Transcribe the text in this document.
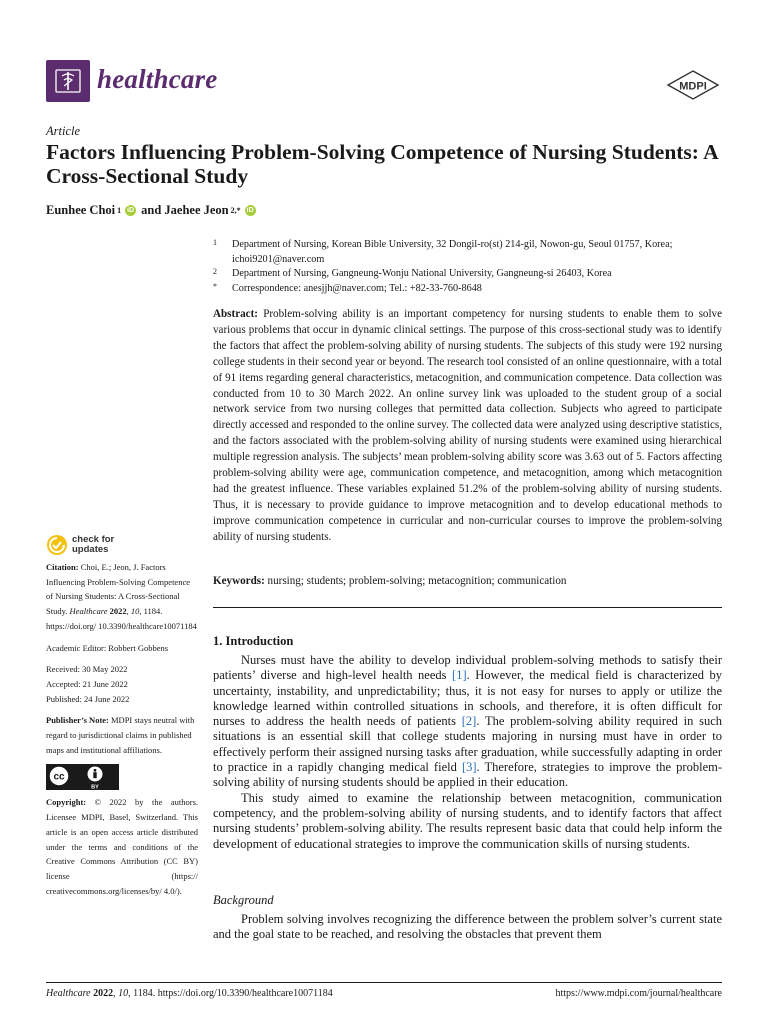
healthcare	MDPI
Article
Factors Influencing Problem-Solving Competence of Nursing Students: A Cross-Sectional Study
Eunhee Choi 1 iD and Jaehee Jeon 2,* iD
1 Department of Nursing, Korean Bible University, 32 Dongil-ro(st) 214-gil, Nowon-gu, Seoul 01757, Korea; ichoi9201@naver.com
2 Department of Nursing, Gangneung-Wonju National University, Gangneung-si 26403, Korea
* Correspondence: anesjjh@naver.com; Tel.: +82-33-760-8648
Abstract: Problem-solving ability is an important competency for nursing students to enable them to solve various problems that occur in dynamic clinical settings. The purpose of this cross-sectional study was to identify the factors that affect the problem-solving ability of nursing students. The subjects of this study were 192 nursing college students in their second year or beyond. The research tool consisted of an online questionnaire, with a total of 91 items regarding general characteristics, metacognition, and communication competence. Data collection was conducted from 10 to 30 March 2022. An online survey link was uploaded to the student group of a social network service from two nursing colleges that permitted data collection. Subjects who agreed to participate directly accessed and responded to the online survey. The collected data were analyzed using descriptive statistics, and the factors associated with the problem-solving ability of nursing students were examined using hierarchical multiple regression analysis. The subjects’ mean problem-solving ability score was 3.63 out of 5. Factors affecting problem-solving ability were age, communication competence, and metacognition, among which metacognition had the greatest influence. These variables explained 51.2% of the problem-solving ability of nursing students. Thus, it is necessary to provide guidance to improve metacognition and to develop educational methods to improve communication competence in curricular and non-curricular courses to improve the problem-solving ability of nursing students.
Keywords: nursing; students; problem-solving; metacognition; communication
1. Introduction

Nurses must have the ability to develop individual problem-solving methods to satisfy their patients’ diverse and high-level health needs [1]. However, the medical field is characterized by uncertainty, instability, and unpredictability; thus, it is not easy for nurses to apply or utilize the knowledge learned within controlled situations in schools, and therefore, it is often difficult for nurses to address the health needs of patients [2]. The problem-solving ability required in such situations is an essential skill that college students majoring in nursing must have in order to effectively perform their assigned nursing tasks after graduation, while successfully adapting in order to practice in a rapidly changing medical field [3]. Therefore, strategies to improve the problem-solving ability of nursing students should be applied in their education.

This study aimed to examine the relationship between metacognition, communication competency, and the problem-solving ability of nursing students, and to identify factors that affect nursing students’ problem-solving ability. The results represent basic data that could help inform the development of educational strategies to improve the communication skills of nursing students.

Background

Problem solving involves recognizing the difference between the problem solver’s current state and the goal state to be reached, and resolving the obstacles that prevent them

check for
updates
Citation: Choi, E.; Jeon, J. Factors Influencing Problem-Solving Competence of Nursing Students: A Cross-Sectional Study. Healthcare 2022, 10, 1184. https://doi.org/ 10.3390/healthcare10071184
Academic Editor: Robbert Gobbens
Received: 30 May 2022
Accepted: 21 June 2022
Published: 24 June 2022
Publisher’s Note: MDPI stays neutral with regard to jurisdictional claims in published maps and institutional affiliations.
cc
BY
Copyright: © 2022 by the authors. Licensee MDPI, Basel, Switzerland. This article is an open access article distributed under the terms and conditions of the Creative Commons Attribution (CC BY) license (https:// creativecommons.org/licenses/by/ 4.0/).
Healthcare 2022, 10, 1184. https://doi.org/10.3390/healthcare10071184	https://www.mdpi.com/journal/healthcare
